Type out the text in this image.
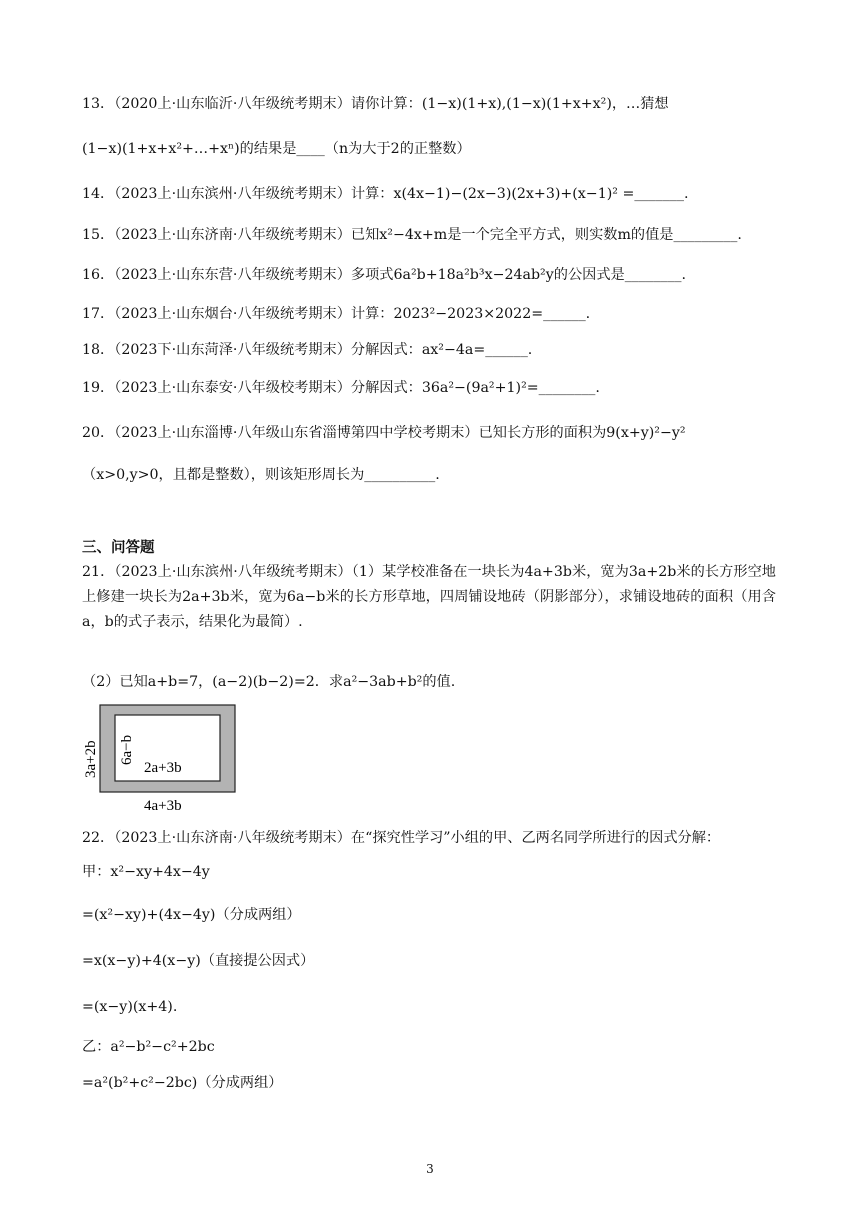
13．（2020上·山东临沂·八年级统考期末）请你计算：(1−x)(1+x),(1−x)(1+x+x²)，…猜想
(1−x)(1+x+x²+…+xⁿ)的结果是____（n为大于2的正整数）
14．（2023上·山东滨州·八年级统考期末）计算：x(4x−1)−(2x−3)(2x+3)+(x−1)² =_______.
15．（2023上·山东济南·八年级统考期末）已知x²−4x+m是一个完全平方式，则实数m的值是_________.
16．（2023上·山东东营·八年级统考期末）多项式6a²b+18a²b³x−24ab²y的公因式是________.
17．（2023上·山东烟台·八年级统考期末）计算：2023²−2023×2022=______.
18．（2023下·山东菏泽·八年级统考期末）分解因式：ax²−4a=______.
19．（2023上·山东泰安·八年级校考期末）分解因式：36a²−(9a²+1)²=________.
20．（2023上·山东淄博·八年级山东省淄博第四中学校考期末）已知长方形的面积为9(x+y)²−y²
（x>0,y>0，且都是整数），则该矩形周长为__________.
三、问答题
21．（2023上·山东滨州·八年级统考期末）（1）某学校准备在一块长为4a+3b米，宽为3a+2b米的长方形空地上修建一块长为2a+3b米，宽为6a−b米的长方形草地，四周铺设地砖（阴影部分），求铺设地砖的面积（用含a，b的式子表示，结果化为最简）.
（2）已知a+b=7，(a−2)(b−2)=2．求a²−3ab+b²的值.
3a+2b 6a−b
2a+3b
4a+3b
22．（2023上·山东济南·八年级统考期末）在“探究性学习”小组的甲、乙两名同学所进行的因式分解：
甲：x²−xy+4x−4y
=(x²−xy)+(4x−4y)（分成两组）
=x(x−y)+4(x−y)（直接提公因式）
=(x−y)(x+4).
乙：a²−b²−c²+2bc
=a²(b²+c²−2bc)（分成两组）
3
